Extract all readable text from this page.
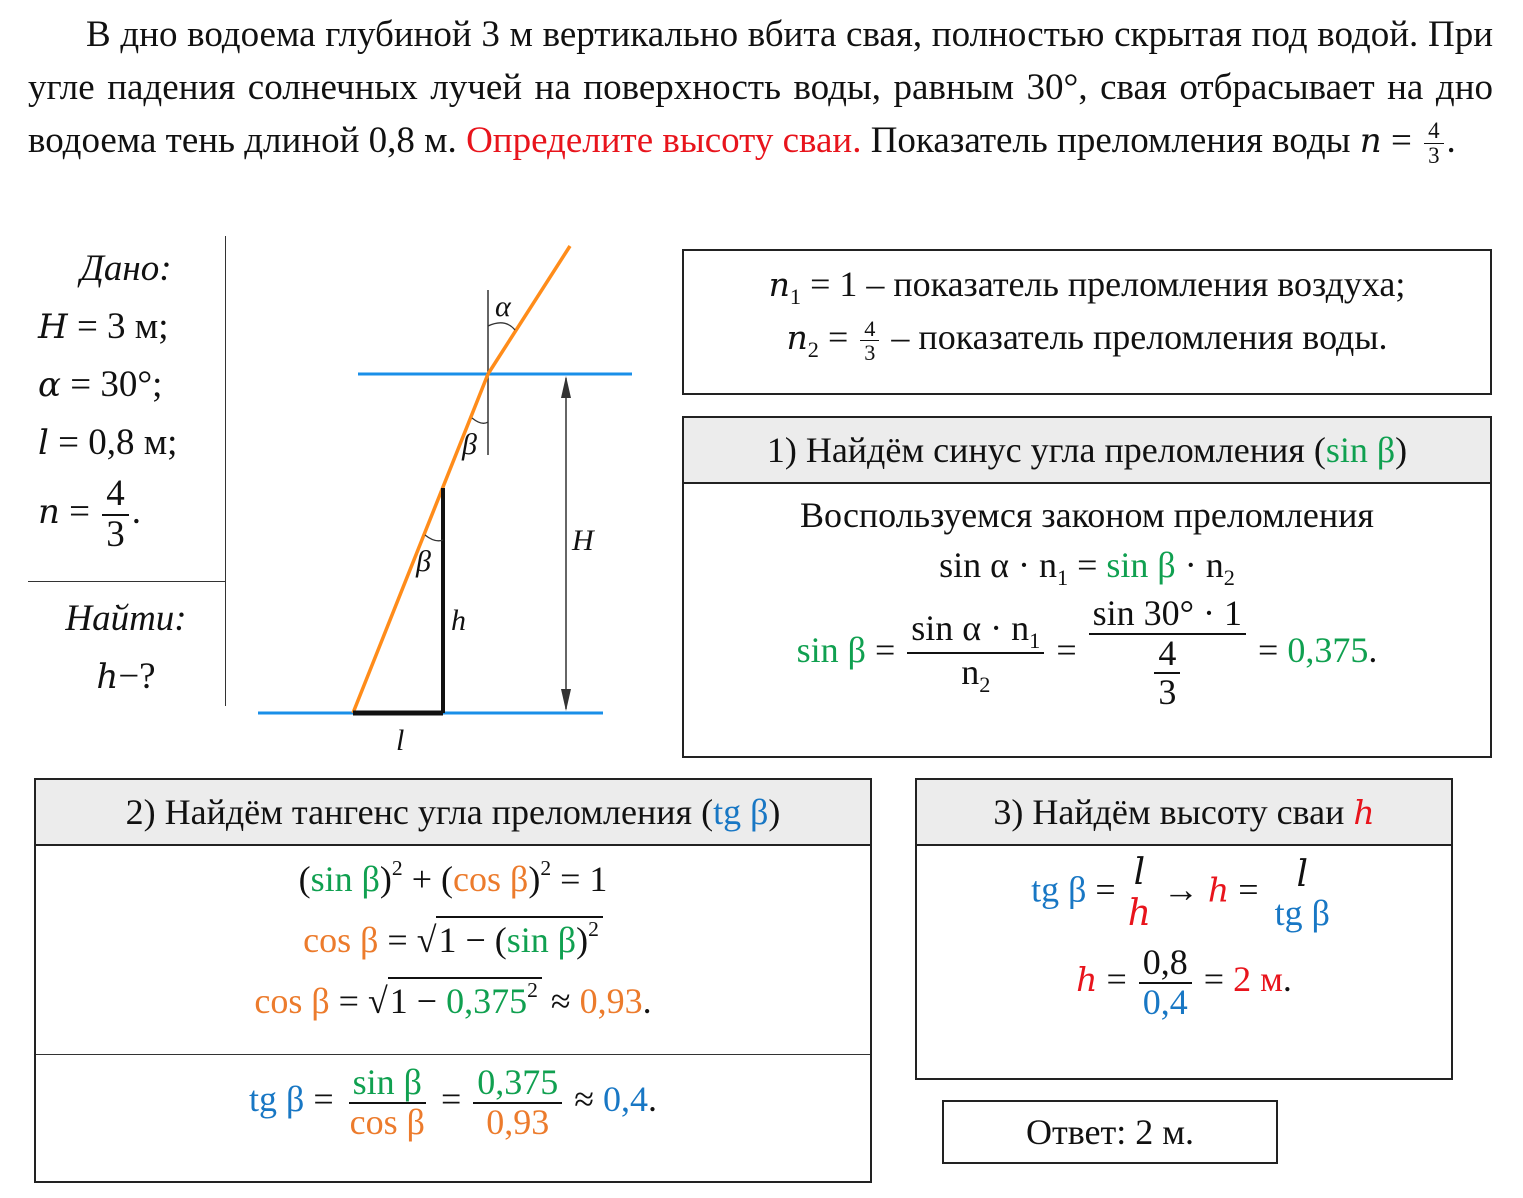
В дно водоема глубиной 3 м вертикально вбита свая, полностью скрытая под водой. При угле падения солнечных лучей на поверхность воды, равным 30°, свая отбрасывает на дно водоема тень длиной 0,8 м. Определите высоту сваи. Показатель преломления воды $n = \frac{4}{3}$ .
Дано:
H = 3 м;
α = 30°;
l = 0,8 м;
$n = \frac{4}{3}$ .
Найти:
h−?
α
β
β
H
h
l
$n_1 = 1$ – показатель преломления воздуха;
$n_2 = \frac{4}{3}$ – показатель преломления воды.
1) Найдём синус угла преломления (sin β)
Воспользуемся законом преломления
$\sin \alpha \cdot n_1 = \sin \beta \cdot n_2$
$\sin \beta = \frac{\sin \alpha \cdot n_1}{n_2} = \frac{\sin 30^\circ \cdot 1}{\frac{4}{3}} = 0,375$.
2) Найдём тангенс угла преломления (tg β)
(sin β)$^2$ + (cos β)$^2$ = 1
cos β = √1 − (sin β)$^2$
$\cos \beta = √1 - 0,375^2 \approx 0,93$.
tg $\beta = \frac{\text{sin β}}{\text{cos β}} = \frac{0,375}{0,93} \approx 0,4$.
3) Найдём высоту сваи h
tg β = l
h
→ h = l
tg β
$h = \frac{0,8}{0,4} = 2$ м.
Ответ: 2 м.
